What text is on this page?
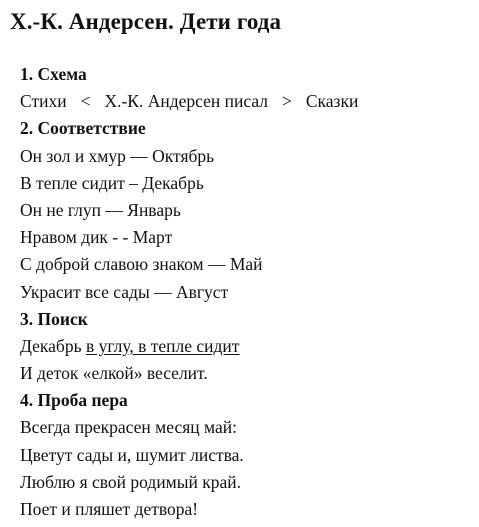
Х.-К. Андерсен. Дети года
1. Схема
Стихи < Х.-К. Андерсен писал > Сказки
2. Соответствие
Он зол и хмур –– Октябрь
В тепле сидит – Декабрь
Он не глуп — Январь
Нравом дик - - Март
С доброй славою знаком — Май
Украсит все сады — Август
3. Поиск
Декабрь в углу, в тепле сидит
И деток «елкой» веселит.
4. Проба пера
Всегда прекрасен месяц май:
Цветут сады и, шумит листва.
Люблю я свой родимый край.
Поет и пляшет детвора!
